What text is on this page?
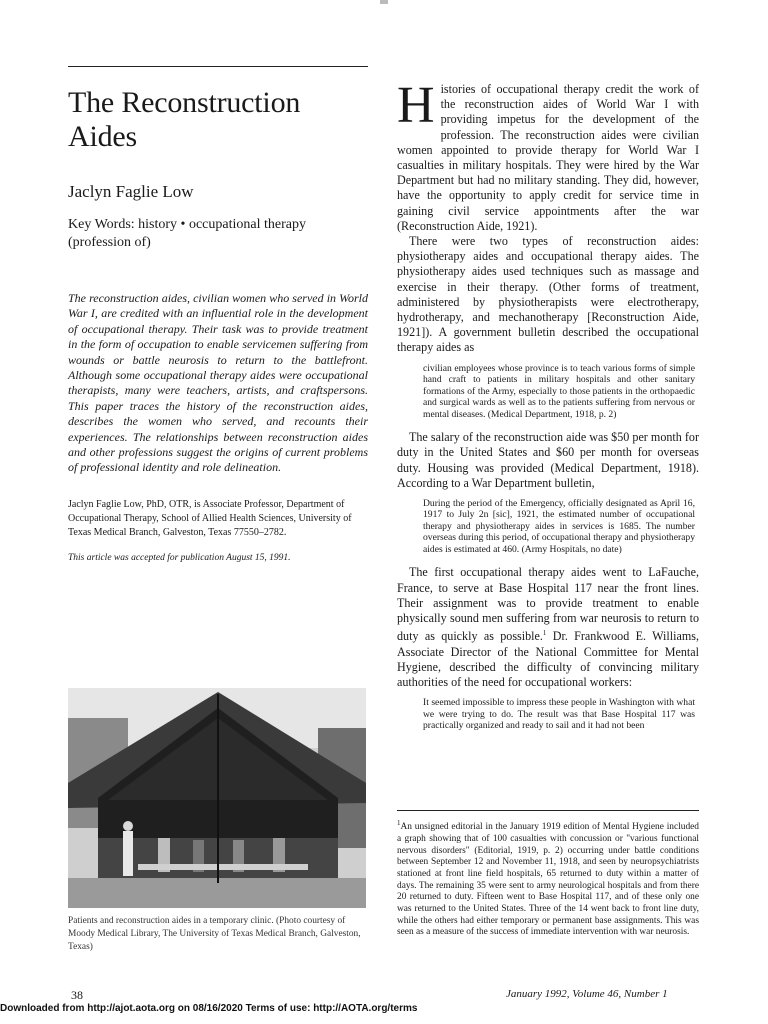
The Reconstruction Aides
Jaclyn Faglie Low
Key Words: history • occupational therapy (profession of)
The reconstruction aides, civilian women who served in World War I, are credited with an influential role in the development of occupational therapy. Their task was to provide treatment in the form of occupation to enable servicemen suffering from wounds or battle neurosis to return to the battlefront. Although some occupational therapy aides were occupational therapists, many were teachers, artists, and craftspersons. This paper traces the history of the reconstruction aides, describes the women who served, and recounts their experiences. The relationships between reconstruction aides and other professions suggest the origins of current problems of professional identity and role delineation.
Jaclyn Faglie Low, PhD, OTR, is Associate Professor, Department of Occupational Therapy, School of Allied Health Sciences, University of Texas Medical Branch, Galveston, Texas 77550–2782.
This article was accepted for publication August 15, 1991.
Patients and reconstruction aides in a temporary clinic. (Photo courtesy of Moody Medical Library, The University of Texas Medical Branch, Galveston, Texas)

Histories of occupational therapy credit the work of the reconstruction aides of World War I with providing impetus for the development of the profession. The reconstruction aides were civilian women appointed to provide therapy for World War I casualties in military hospitals. They were hired by the War Department but had no military standing. They did, however, have the opportunity to apply credit for service time in gaining civil service appointments after the war (Reconstruction Aide, 1921).

There were two types of reconstruction aides: physiotherapy aides and occupational therapy aides. The physiotherapy aides used techniques such as massage and exercise in their therapy. (Other forms of treatment, administered by physiotherapists were electrotherapy, hydrotherapy, and mechanotherapy [Reconstruction Aide, 1921]). A government bulletin described the occupational therapy aides as

civilian employees whose province is to teach various forms of simple hand craft to patients in military hospitals and other sanitary formations of the Army, especially to those patients in the orthopaedic and surgical wards as well as to the patients suffering from nervous or mental diseases. (Medical Department, 1918, p. 2)

The salary of the reconstruction aide was $50 per month for duty in the United States and $60 per month for overseas duty. Housing was provided (Medical Department, 1918). According to a War Department bulletin,

During the period of the Emergency, officially designated as April 16, 1917 to July 2n [sic], 1921, the estimated number of occupational therapy and physiotherapy aides in services is 1685. The number overseas during this period, of occupational therapy and physiotherapy aides is estimated at 460. (Army Hospitals, no date)

The first occupational therapy aides went to LaFauche, France, to serve at Base Hospital 117 near the front lines. Their assignment was to provide treatment to enable physically sound men suffering from war neurosis to return to duty as quickly as possible.$^1$ Dr. Frankwood E. Williams, Associate Director of the National Committee for Mental Hygiene, described the difficulty of convincing military authorities of the need for occupational workers:

It seemed impossible to impress these people in Washington with what we were trying to do. The result was that Base Hospital 117 was practically organized and ready to sail and it had not been
$^1$An unsigned editorial in the January 1919 edition of Mental Hygiene included a graph showing that of 100 casualties with concussion or "various functional nervous disorders" (Editorial, 1919, p. 2) occurring under battle conditions between September 12 and November 11, 1918, and seen by neuropsychiatrists stationed at front line field hospitals, 65 returned to duty within a matter of days. The remaining 35 were sent to army neurological hospitals and from there 20 returned to duty. Fifteen went to Base Hospital 117, and of these only one was returned to the United States. Three of the 14 went back to front line duty, while the others had either temporary or permanent base assignments. This was seen as a measure of the success of immediate intervention with war neurosis.
38	January 1992, Volume 46, Number 1
Downloaded from http://ajot.aota.org on 08/16/2020 Terms of use: http://AOTA.org/terms
